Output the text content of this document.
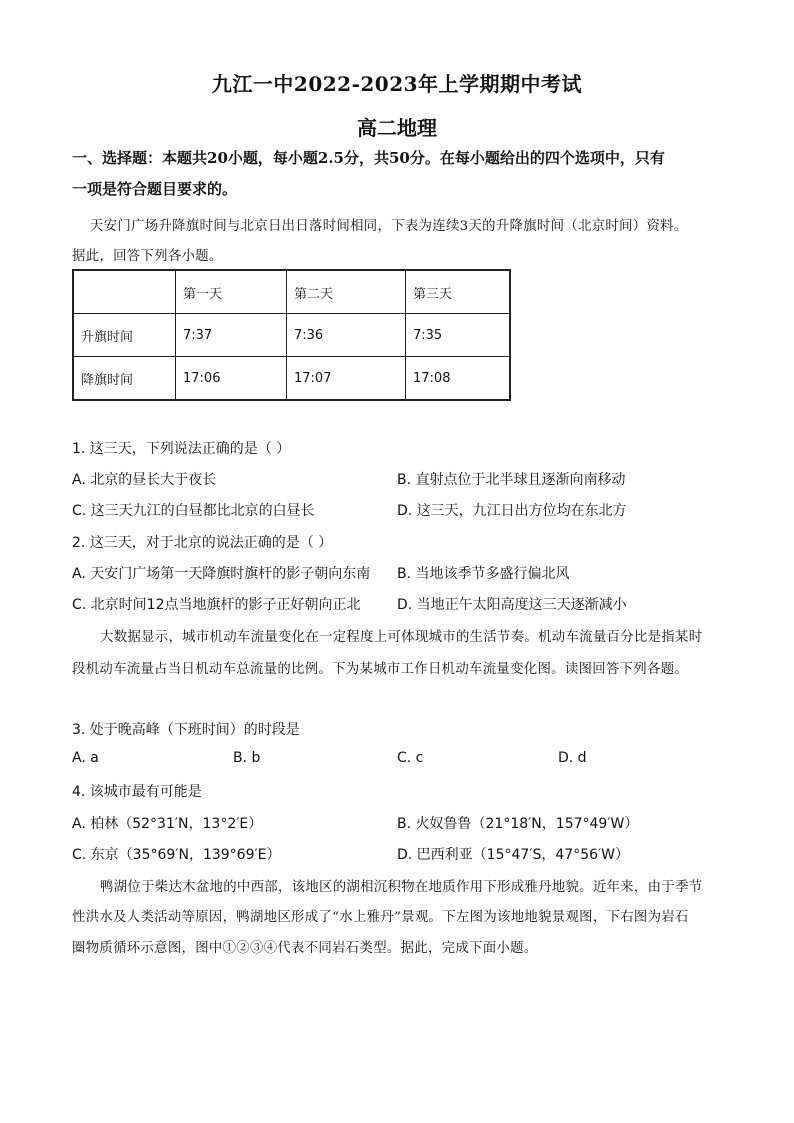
九江一中2022-2023年上学期期中考试
高二地理
一、选择题：本题共20小题，每小题2.5分，共50分。在每小题给出的四个选项中，只有
一项是符合题目要求的。
天安门广场升降旗时间与北京日出日落时间相同，下表为连续3天的升降旗时间（北京时间）资料。
据此，回答下列各小题。
	第一天	第二天	第三天
升旗时间	7:37	7:36	7:35
降旗时间	17:06	17:07	17:08
1. 这三天，下列说法正确的是（ ）
A. 北京的昼长大于夜长	B. 直射点位于北半球且逐渐向南移动
C. 这三天九江的白昼都比北京的白昼长	D. 这三天，九江日出方位均在东北方
2. 这三天，对于北京的说法正确的是（ ）
A. 天安门广场第一天降旗时旗杆的影子朝向东南 B. 当地该季节多盛行偏北风
C. 北京时间12点当地旗杆的影子正好朝向正北	D. 当地正午太阳高度这三天逐渐减小
大数据显示，城市机动车流量变化在一定程度上可体现城市的生活节奏。机动车流量百分比是指某时
段机动车流量占当日机动车总流量的比例。下为某城市工作日机动车流量变化图。读图回答下列各题。
3. 处于晚高峰（下班时间）的时段是
A. a	B. b	C. c	D. d
4. 该城市最有可能是
A. 柏林（52°31′N，13°2′E）	B. 火奴鲁鲁（21°18′N，157°49′W）
C. 东京（35°69′N，139°69′E）	D. 巴西利亚（15°47′S，47°56′W）
鸭湖位于柴达木盆地的中西部，该地区的湖相沉积物在地质作用下形成雅丹地貌。近年来，由于季节
性洪水及人类活动等原因，鸭湖地区形成了“水上雅丹”景观。下左图为该地地貌景观图，下右图为岩石
圈物质循环示意图，图中①②③④代表不同岩石类型。据此，完成下面小题。
